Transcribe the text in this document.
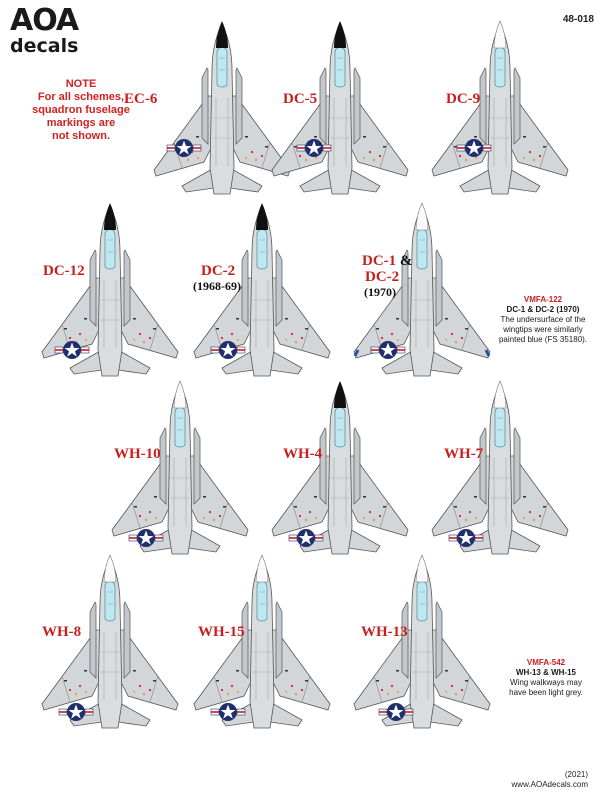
AOA
decals
48-018
NOTE
For all schemes,
squadron fuselage
markings are
not shown.
EC-6	DC-5	DC-9
DC-12	DC-2
(1968-69)
DC-1 &
DC-2
(1970)
WH-10	WH-4	WH-7
WH-8	WH-15	WH-13
VMFA-122
DC-1 & DC-2 (1970)
The undersurface of the
wingtips were similarly
painted blue (FS 35180).
VMFA-542
WH-13 & WH-15
Wing walkways may
have been light grey.
(2021)
www.AOAdecals.com
